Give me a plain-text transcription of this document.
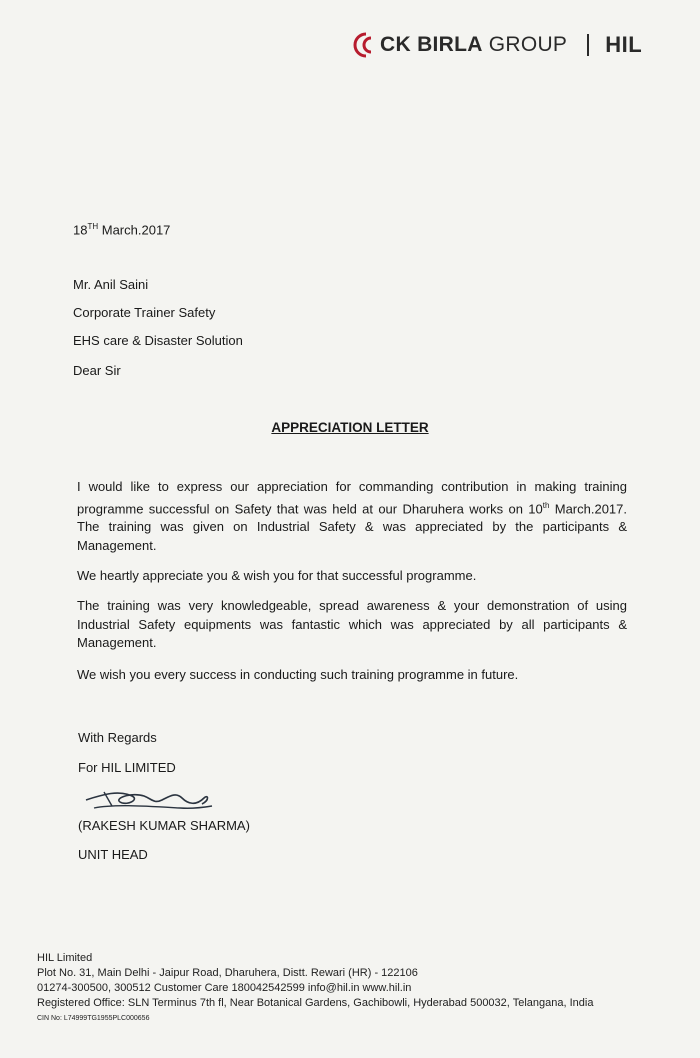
CK BIRLA GROUP HIL
18TH March.2017
Mr. Anil Saini
Corporate Trainer Safety
EHS care & Disaster Solution
Dear Sir
APPRECIATION LETTER
I would like to express our appreciation for commanding contribution in making training programme successful on Safety that was held at our Dharuhera works on 10th March.2017. The training was given on Industrial Safety & was appreciated by the participants & Management.
We heartly appreciate you & wish you for that successful programme.
The training was very knowledgeable, spread awareness & your demonstration of using Industrial Safety equipments was fantastic which was appreciated by all participants & Management.
We wish you every success in conducting such training programme in future.
With Regards
For HIL LIMITED
(RAKESH KUMAR SHARMA)
UNIT HEAD
HIL Limited
Plot No. 31, Main Delhi - Jaipur Road, Dharuhera, Distt. Rewari (HR) - 122106
01274-300500, 300512 Customer Care 180042542599 info@hil.in www.hil.in
Registered Office: SLN Terminus 7th fl, Near Botanical Gardens, Gachibowli, Hyderabad 500032, Telangana, India
CIN No: L74999TG1955PLC000656
